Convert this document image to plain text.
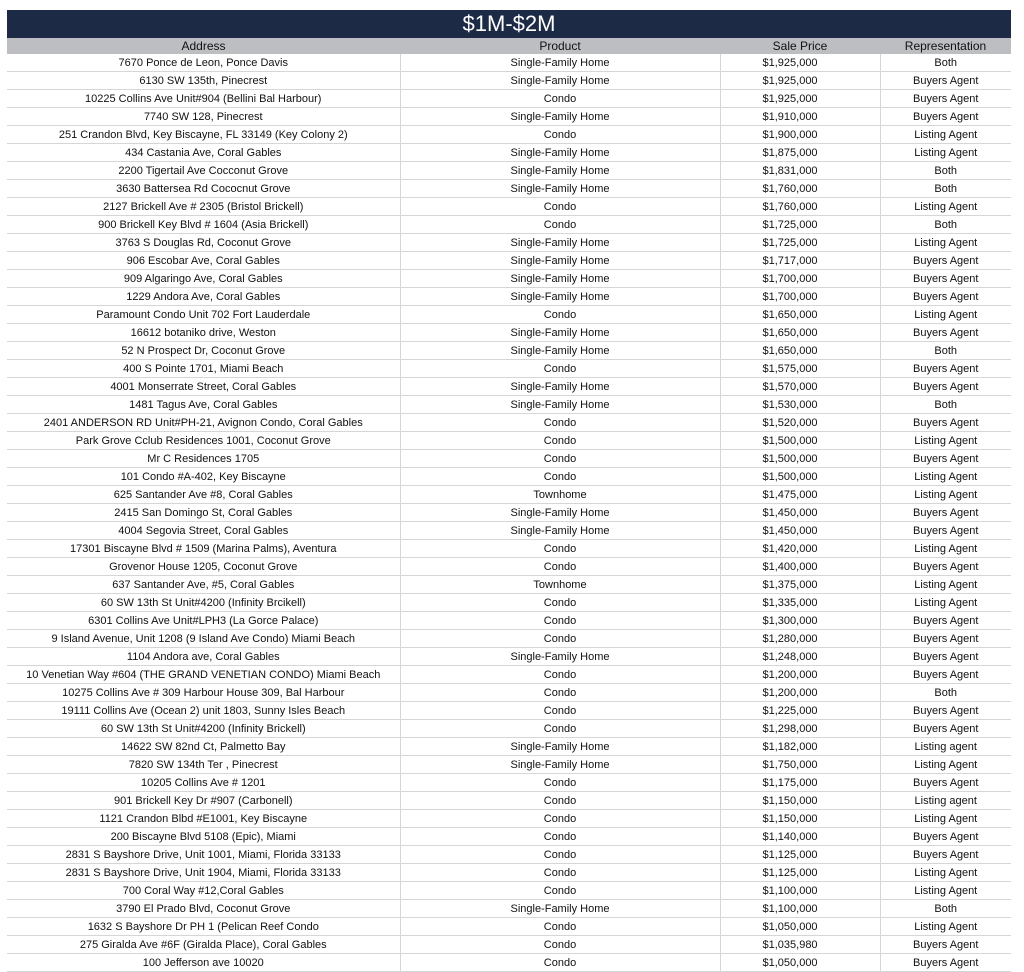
$1M-$2M
Address	Product	Sale Price	Representation
7670 Ponce de Leon, Ponce Davis	Single-Family Home	$1,925,000	Both
6130 SW 135th, Pinecrest	Single-Family Home	$1,925,000	Buyers Agent
10225 Collins Ave Unit#904 (Bellini Bal Harbour)	Condo	$1,925,000	Buyers Agent
7740 SW 128, Pinecrest	Single-Family Home	$1,910,000	Buyers Agent
251 Crandon Blvd, Key Biscayne, FL 33149 (Key Colony 2)	Condo	$1,900,000	Listing Agent
434 Castania Ave, Coral Gables	Single-Family Home	$1,875,000	Listing Agent
2200 Tigertail Ave Cocconut Grove	Single-Family Home	$1,831,000	Both
3630 Battersea Rd Cococnut Grove	Single-Family Home	$1,760,000	Both
2127 Brickell Ave # 2305 (Bristol Brickell)	Condo	$1,760,000	Listing Agent
900 Brickell Key Blvd # 1604 (Asia Brickell)	Condo	$1,725,000	Both
3763 S Douglas Rd, Coconut Grove	Single-Family Home	$1,725,000	Listing Agent
906 Escobar Ave, Coral Gables	Single-Family Home	$1,717,000	Buyers Agent
909 Algaringo Ave, Coral Gables	Single-Family Home	$1,700,000	Buyers Agent
1229 Andora Ave, Coral Gables	Single-Family Home	$1,700,000	Buyers Agent
Paramount Condo Unit 702 Fort Lauderdale	Condo	$1,650,000	Listing Agent
16612 botaniko drive, Weston	Single-Family Home	$1,650,000	Buyers Agent
52 N Prospect Dr, Coconut Grove	Single-Family Home	$1,650,000	Both
400 S Pointe 1701, Miami Beach	Condo	$1,575,000	Buyers Agent
4001 Monserrate Street, Coral Gables	Single-Family Home	$1,570,000	Buyers Agent
1481 Tagus Ave, Coral Gables	Single-Family Home	$1,530,000	Both
2401 ANDERSON RD Unit#PH-21, Avignon Condo, Coral Gables	Condo	$1,520,000	Buyers Agent
Park Grove Cclub Residences 1001, Coconut Grove	Condo	$1,500,000	Listing Agent
Mr C Residences 1705	Condo	$1,500,000	Buyers Agent
101 Condo #A-402, Key Biscayne	Condo	$1,500,000	Listing Agent
625 Santander Ave #8, Coral Gables	Townhome	$1,475,000	Listing Agent
2415 San Domingo St, Coral Gables	Single-Family Home	$1,450,000	Buyers Agent
4004 Segovia Street, Coral Gables	Single-Family Home	$1,450,000	Buyers Agent
17301 Biscayne Blvd # 1509 (Marina Palms), Aventura	Condo	$1,420,000	Listing Agent
Grovenor House 1205, Coconut Grove	Condo	$1,400,000	Buyers Agent
637 Santander Ave, #5, Coral Gables	Townhome	$1,375,000	Listing Agent
60 SW 13th St Unit#4200 (Infinity Brcikell)	Condo	$1,335,000	Listing Agent
6301 Collins Ave Unit#LPH3 (La Gorce Palace)	Condo	$1,300,000	Buyers Agent
9 Island Avenue, Unit 1208 (9 Island Ave Condo) Miami Beach	Condo	$1,280,000	Buyers Agent
1104 Andora ave, Coral Gables	Single-Family Home	$1,248,000	Buyers Agent
10 Venetian Way #604 (THE GRAND VENETIAN CONDO) Miami Beach	Condo	$1,200,000	Buyers Agent
10275 Collins Ave # 309 Harbour House 309, Bal Harbour	Condo	$1,200,000	Both
19111 Collins Ave (Ocean 2) unit 1803, Sunny Isles Beach	Condo	$1,225,000	Buyers Agent
60 SW 13th St Unit#4200 (Infinity Brickell)	Condo	$1,298,000	Buyers Agent
14622 SW 82nd Ct, Palmetto Bay	Single-Family Home	$1,182,000	Listing agent
7820 SW 134th Ter , Pinecrest	Single-Family Home	$1,750,000	Listing Agent
10205 Collins Ave # 1201	Condo	$1,175,000	Buyers Agent
901 Brickell Key Dr #907 (Carbonell)	Condo	$1,150,000	Listing agent
1121 Crandon Blbd #E1001, Key Biscayne	Condo	$1,150,000	Listing Agent
200 Biscayne Blvd 5108 (Epic), Miami	Condo	$1,140,000	Buyers Agent
2831 S Bayshore Drive, Unit 1001, Miami, Florida 33133	Condo	$1,125,000	Buyers Agent
2831 S Bayshore Drive, Unit 1904, Miami, Florida 33133	Condo	$1,125,000	Listing Agent
700 Coral Way #12,Coral Gables	Condo	$1,100,000	Listing Agent
3790 El Prado Blvd, Coconut Grove	Single-Family Home	$1,100,000	Both
1632 S Bayshore Dr PH 1 (Pelican Reef Condo	Condo	$1,050,000	Listing Agent
275 Giralda Ave #6F (Giralda Place), Coral Gables	Condo	$1,035,980	Buyers Agent
100 Jefferson ave 10020	Condo	$1,050,000	Buyers Agent
